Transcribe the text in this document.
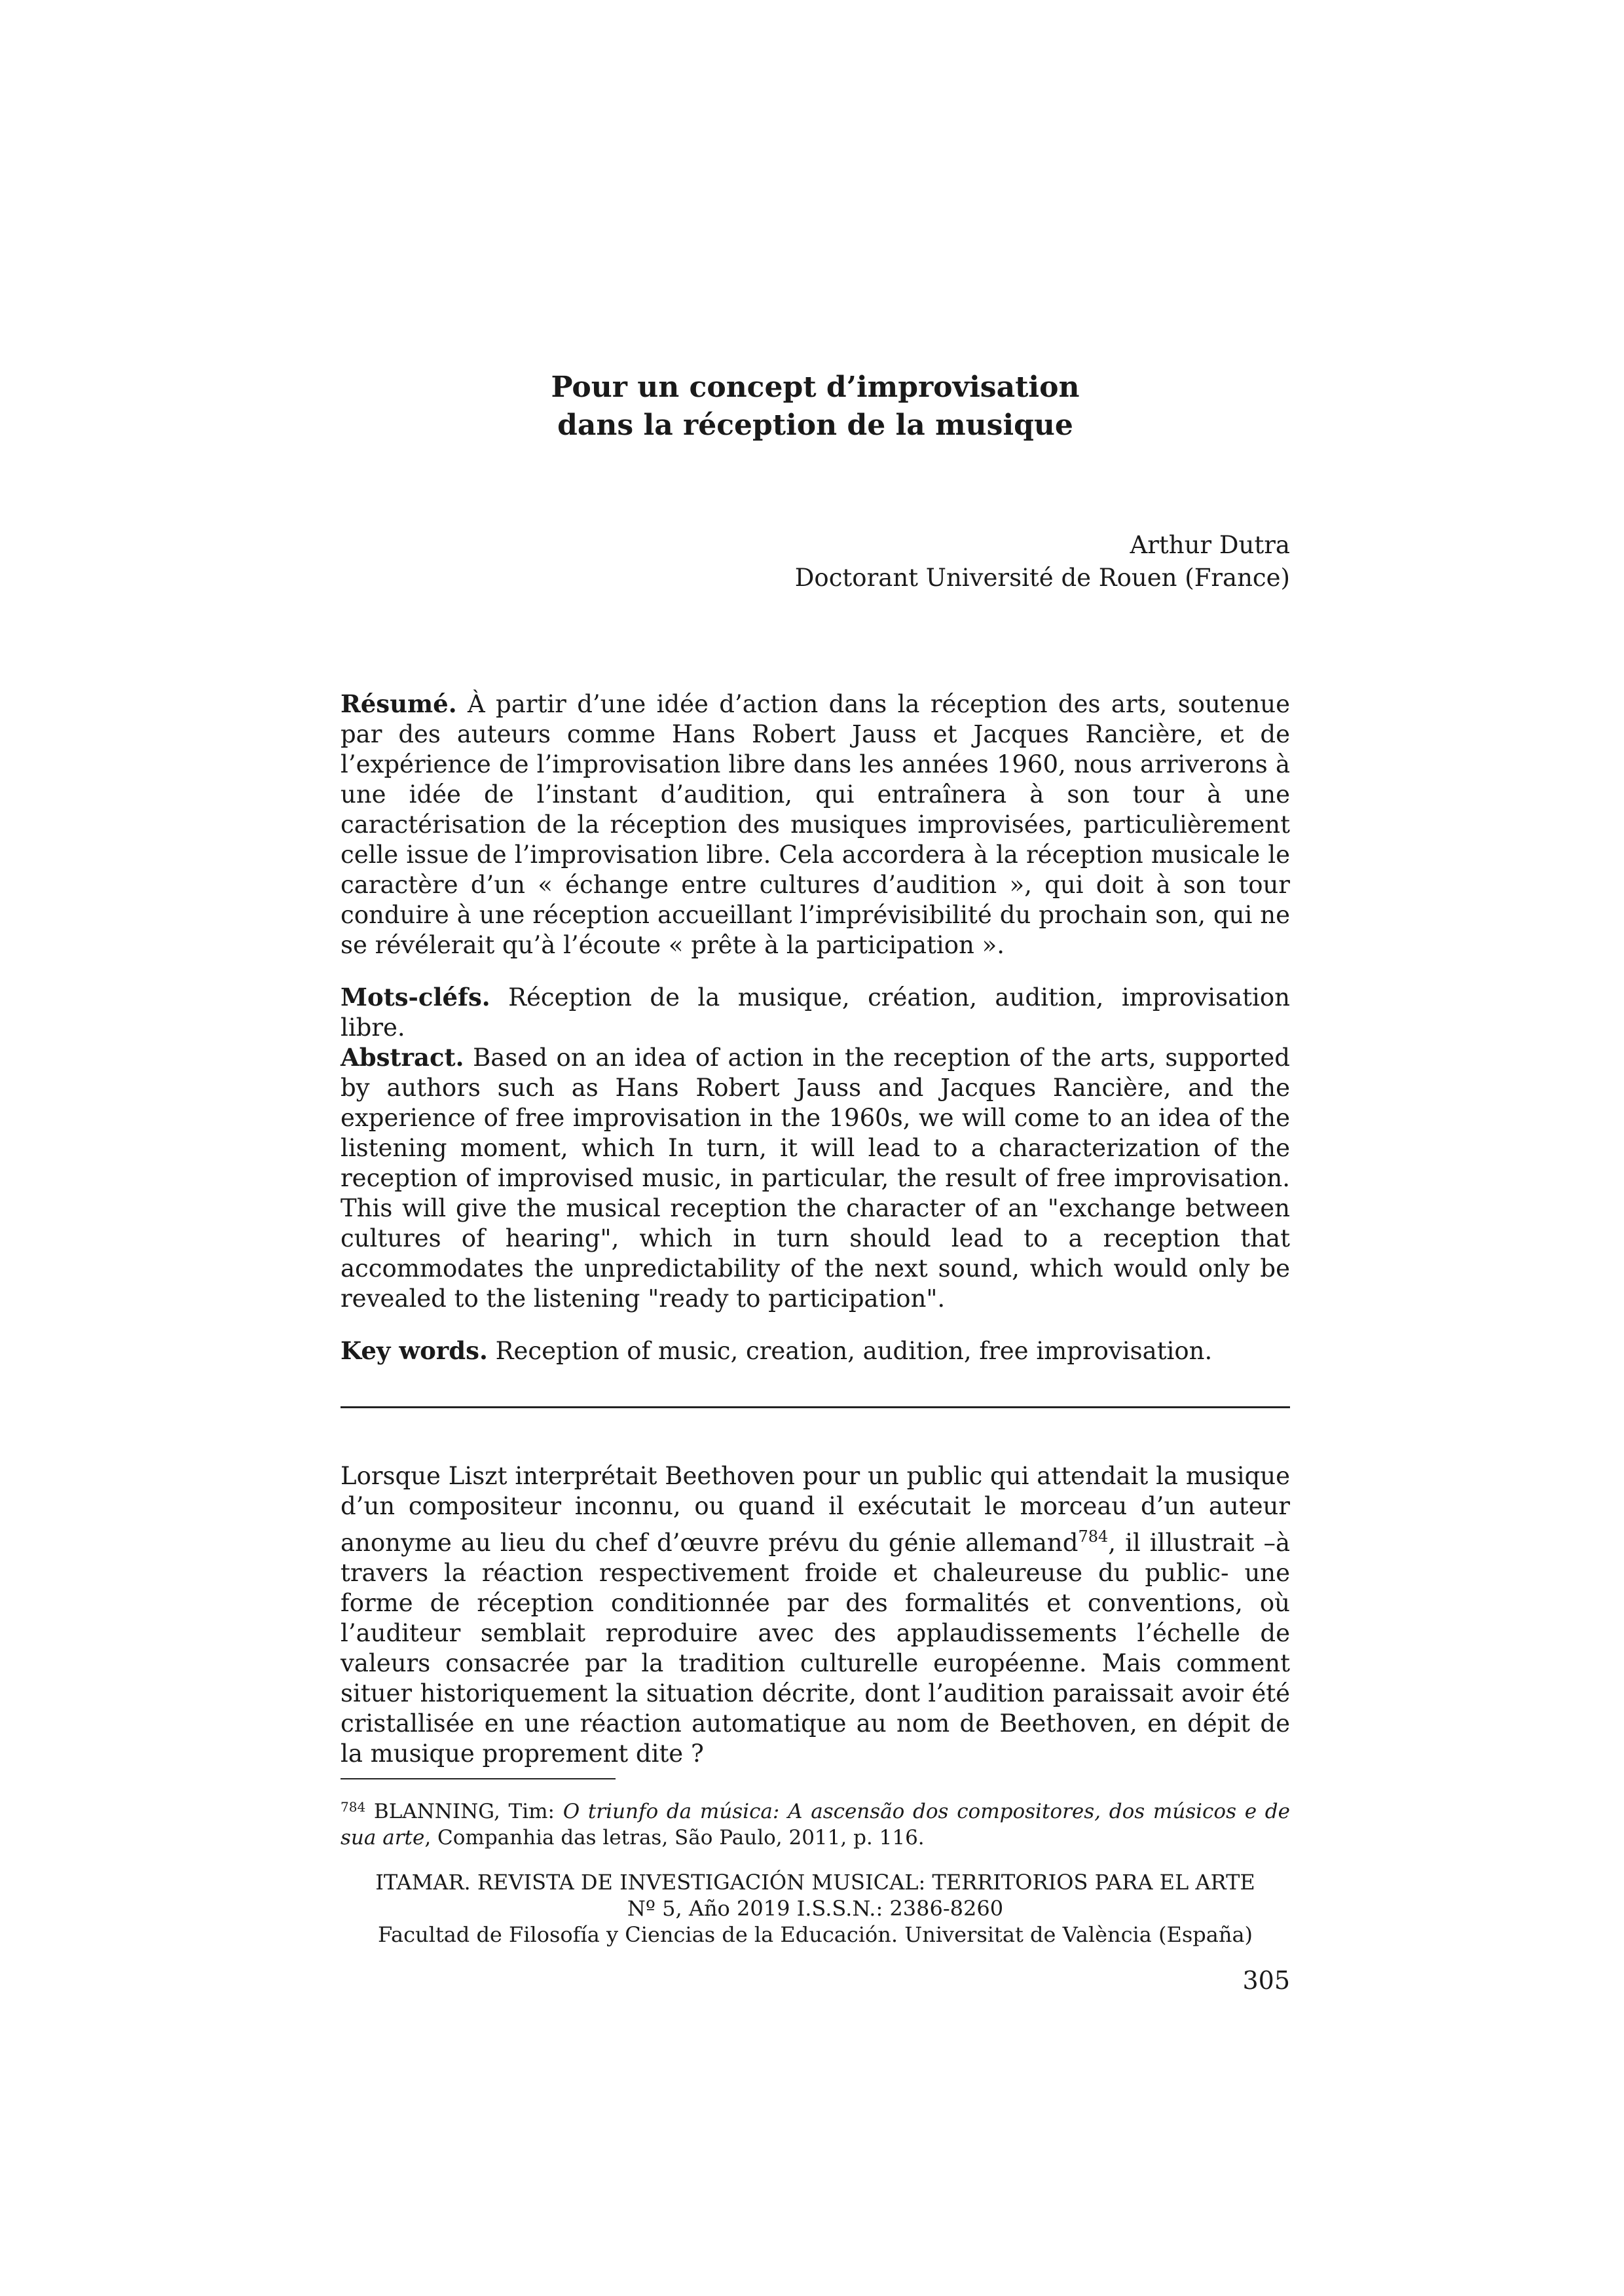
Pour un concept d’improvisation
dans la réception de la musique
Arthur Dutra
Doctorant Université de Rouen (France)

Résumé. À partir d’une idée d’action dans la réception des arts, soutenue par des auteurs comme Hans Robert Jauss et Jacques Rancière, et de l’expérience de l’improvisation libre dans les années 1960, nous arriverons à une idée de l’instant d’audition, qui entraînera à son tour à une caractérisation de la réception des musiques improvisées, particulièrement celle issue de l’improvisation libre. Cela accordera à la réception musicale le caractère d’un « échange entre cultures d’audition », qui doit à son tour conduire à une réception accueillant l’imprévisibilité du prochain son, qui ne se révélerait qu’à l’écoute « prête à la participation ».

Mots-cléfs. Réception de la musique, création, audition, improvisation libre.

Abstract. Based on an idea of action in the reception of the arts, supported by authors such as Hans Robert Jauss and Jacques Rancière, and the experience of free improvisation in the 1960s, we will come to an idea of the listening moment, which In turn, it will lead to a characterization of the reception of improvised music, in particular, the result of free improvisation. This will give the musical reception the character of an "exchange between cultures of hearing", which in turn should lead to a reception that accommodates the unpredictability of the next sound, which would only be revealed to the listening "ready to participation".

Key words. Reception of music, creation, audition, free improvisation.

Lorsque Liszt interprétait Beethoven pour un public qui attendait la musique d’un compositeur inconnu, ou quand il exécutait le morceau d’un auteur anonyme au lieu du chef d’œuvre prévu du génie allemand$^{784}$, il illustrait –à travers la réaction respectivement froide et chaleureuse du public- une forme de réception conditionnée par des formalités et conventions, où l’auditeur semblait reproduire avec des applaudissements l’échelle de valeurs consacrée par la tradition culturelle européenne. Mais comment situer historiquement la situation décrite, dont l’audition paraissait avoir été cristallisée en une réaction automatique au nom de Beethoven, en dépit de la musique proprement dite ?

$^{784}$ BLANNING, Tim: O triunfo da música: A ascensão dos compositores, dos músicos e de sua arte, Companhia das letras, São Paulo, 2011, p. 116.
ITAMAR. REVISTA DE INVESTIGACIÓN MUSICAL: TERRITORIOS PARA EL ARTE
Nº 5, Año 2019 I.S.S.N.: 2386-8260
Facultad de Filosofía y Ciencias de la Educación. Universitat de València (España)
305
